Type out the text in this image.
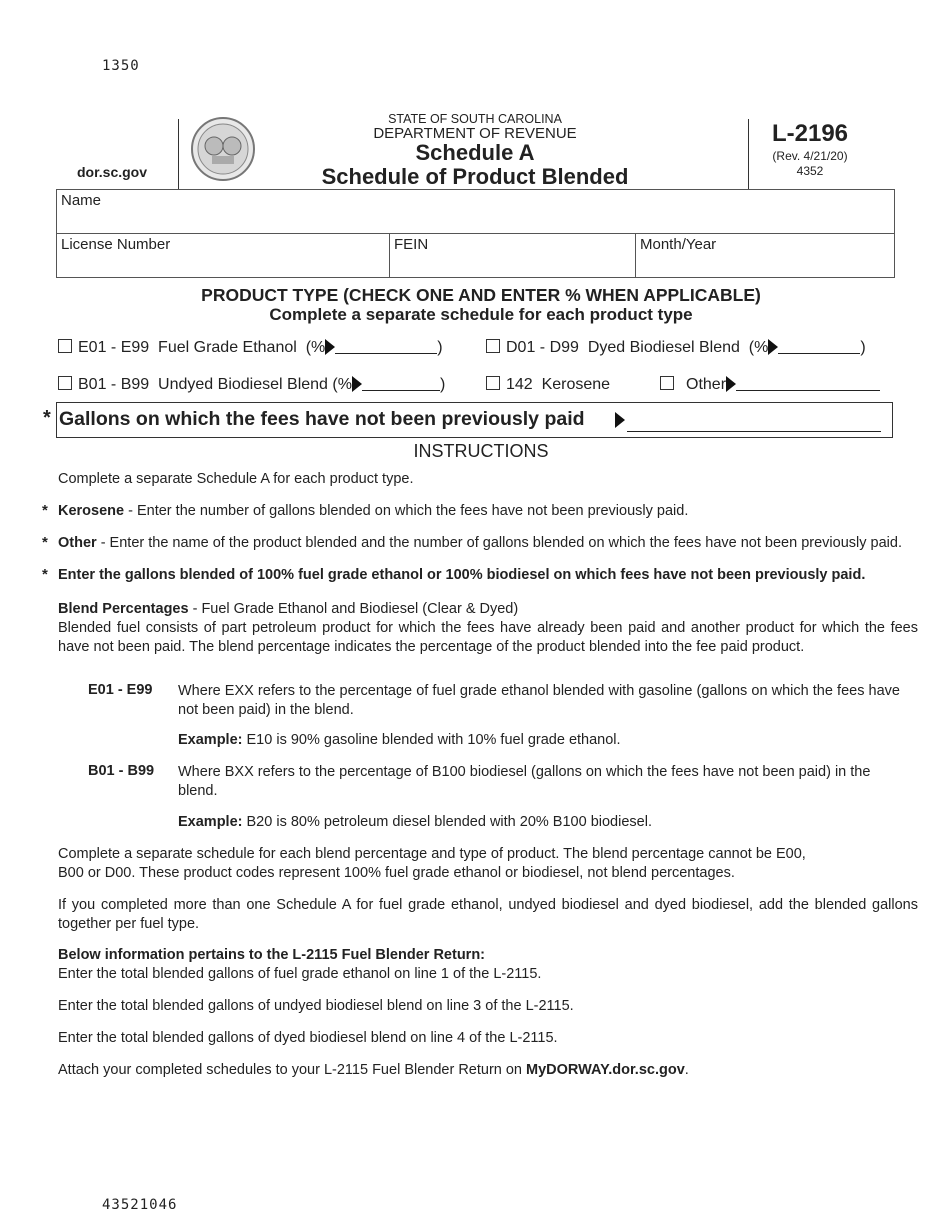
1350
dor.sc.gov
STATE OF SOUTH CAROLINA
DEPARTMENT OF REVENUE
Schedule A
Schedule of Product Blended
L-2196
(Rev. 4/21/20)
4352
Name
License Number	FEIN	Month/Year
PRODUCT TYPE (CHECK ONE AND ENTER % WHEN APPLICABLE)
Complete a separate schedule for each product type
E01 - E99  Fuel Grade Ethanol  (%	)	D01 - D99  Dyed Biodiesel Blend  (%	)
B01 - B99  Undyed Biodiesel Blend (%	)	142  Kerosene	Other
* Gallons on which the fees have not been previously paid
INSTRUCTIONS
Complete a separate Schedule A for each product type.
* Kerosene - Enter the number of gallons blended on which the fees have not been previously paid.
* Other - Enter the name of the product blended and the number of gallons blended on which the fees have not been previously paid.
* Enter the gallons blended of 100% fuel grade ethanol or 100% biodiesel on which fees have not been previously paid.
Blend Percentages - Fuel Grade Ethanol and Biodiesel (Clear & Dyed)
Blended fuel consists of part petroleum product for which the fees have already been paid and another product for which the fees have not been paid. The blend percentage indicates the percentage of the product blended into the fee paid product.
E01 - E99 Where EXX refers to the percentage of fuel grade ethanol blended with gasoline (gallons on which the fees have not been paid) in the blend.
Example: E10 is 90% gasoline blended with 10% fuel grade ethanol.
B01 - B99 Where BXX refers to the percentage of B100 biodiesel (gallons on which the fees have not been paid) in the blend.
Example: B20 is 80% petroleum diesel blended with 20% B100 biodiesel.
Complete a separate schedule for each blend percentage and type of product. The blend percentage cannot be E00,
B00 or D00. These product codes represent 100% fuel grade ethanol or biodiesel, not blend percentages.
If you completed more than one Schedule A for fuel grade ethanol, undyed biodiesel and dyed biodiesel, add the blended gallons together per fuel type.
Below information pertains to the L-2115 Fuel Blender Return:
Enter the total blended gallons of fuel grade ethanol on line 1 of the L-2115.
Enter the total blended gallons of undyed biodiesel blend on line 3 of the L-2115.
Enter the total blended gallons of dyed biodiesel blend on line 4 of the L-2115.
Attach your completed schedules to your L-2115 Fuel Blender Return on MyDORWAY.dor.sc.gov.
43521046
